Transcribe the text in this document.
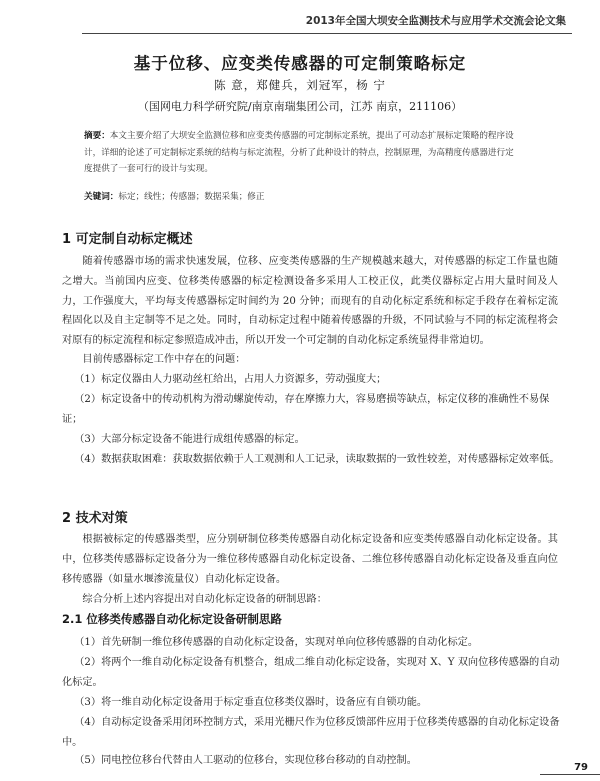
2013年全国大坝安全监测技术与应用学术交流会论文集
基于位移、应变类传感器的可定制策略标定
陈 意，郑健兵，刘冠军，杨 宁
（国网电力科学研究院/南京南瑞集团公司，江苏 南京，211106）
摘要：本文主要介绍了大坝安全监测位移和应变类传感器的可定制标定系统，提出了可动态扩展标定策略的程序设计，详细的论述了可定制标定系统的结构与标定流程，分析了此种设计的特点，控制原理，为高精度传感器进行定度提供了一套可行的设计与实现。
关键词：标定；线性；传感器；数据采集；修正
1 可定制自动标定概述
随着传感器市场的需求快速发展，位移、应变类传感器的生产规模越来越大，对传感器的标定工作量也随之增大。当前国内应变、位移类传感器的标定检测设备多采用人工校正仪，此类仪器标定占用大量时间及人力，工作强度大，平均每支传感器标定时间约为 20 分钟；而现有的自动化标定系统和标定手段存在着标定流程固化以及自主定制等不足之处。同时，自动标定过程中随着传感器的升级，不同试验与不同的标定流程将会对原有的标定流程和标定参照造成冲击，所以开发一个可定制的自动化标定系统显得非常迫切。
目前传感器标定工作中存在的问题：
（1）标定仪器由人力驱动丝杠给出，占用人力资源多，劳动强度大；
（2）标定设备中的传动机构为滑动螺旋传动，存在摩擦力大，容易磨损等缺点，标定仪移的准确性不易保证；
（3）大部分标定设备不能进行成组传感器的标定。
（4）数据获取困难：获取数据依赖于人工观测和人工记录，读取数据的一致性较差，对传感器标定效率低。
2 技术对策
根据被标定的传感器类型，应分别研制位移类传感器自动化标定设备和应变类传感器自动化标定设备。其中，位移类传感器标定设备分为一维位移传感器自动化标定设备、二维位移传感器自动化标定设备及垂直向位移传感器（如量水堰渗流量仪）自动化标定设备。
综合分析上述内容提出对自动化标定设备的研制思路：
2.1 位移类传感器自动化标定设备研制思路
（1）首先研制一维位移传感器的自动化标定设备，实现对单向位移传感器的自动化标定。
（2）将两个一维自动化标定设备有机整合，组成二维自动化标定设备，实现对 X、Y 双向位移传感器的自动化标定。
（3）将一维自动化标定设备用于标定垂直位移类仪器时，设备应有自锁功能。
（4）自动标定设备采用闭环控制方式，采用光栅尺作为位移反馈部件应用于位移类传感器的自动化标定设备中。
（5）同电控位移台代替由人工驱动的位移台，实现位移台移动的自动控制。
79
